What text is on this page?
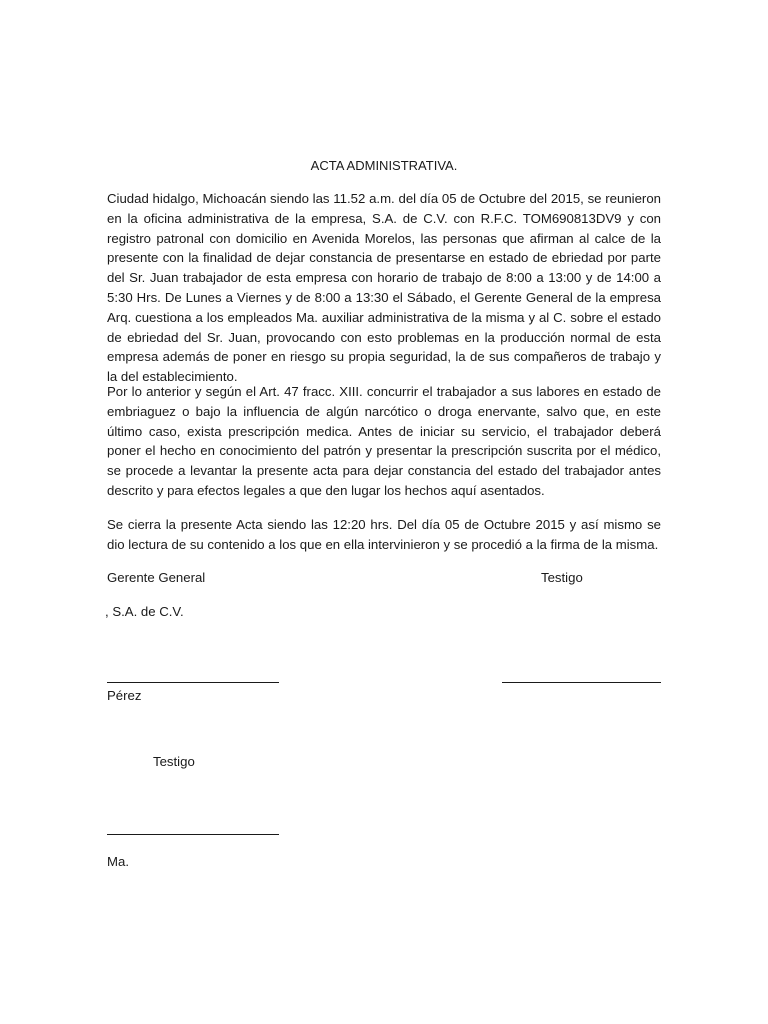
ACTA ADMINISTRATIVA.

Ciudad hidalgo, Michoacán siendo las 11.52 a.m. del día 05 de Octubre del 2015, se reunieron en la oficina administrativa de la empresa, S.A. de C.V. con R.F.C. TOM690813DV9 y con registro patronal con domicilio en Avenida Morelos, las personas que afirman al calce de la presente con la finalidad de dejar constancia de presentarse en estado de ebriedad por parte del Sr. Juan trabajador de esta empresa con horario de trabajo de 8:00 a 13:00 y de 14:00 a 5:30 Hrs. De Lunes a Viernes y de 8:00 a 13:30 el Sábado, el Gerente General de la empresa Arq. cuestiona a los empleados Ma. auxiliar administrativa de la misma y al C. sobre el estado de ebriedad del Sr. Juan, provocando con esto problemas en la producción normal de esta empresa además de poner en riesgo su propia seguridad, la de sus compañeros de trabajo y la del establecimiento.

Por lo anterior y según el Art. 47 fracc. XIII. concurrir el trabajador a sus labores en estado de embriaguez o bajo la influencia de algún narcótico o droga enervante, salvo que, en este último caso, exista prescripción medica. Antes de iniciar su servicio, el trabajador deberá poner el hecho en conocimiento del patrón y presentar la prescripción suscrita por el médico, se procede a levantar la presente acta para dejar constancia del estado del trabajador antes descrito y para efectos legales a que den lugar los hechos aquí asentados.

Se cierra la presente Acta siendo las 12:20 hrs. Del día 05 de Octubre 2015 y así mismo se dio lectura de su contenido a los que en ella intervinieron y se procedió a la firma de la misma.

Gerente General	Testigo
, S.A. de C.V.
Pérez
Testigo
Ma.
